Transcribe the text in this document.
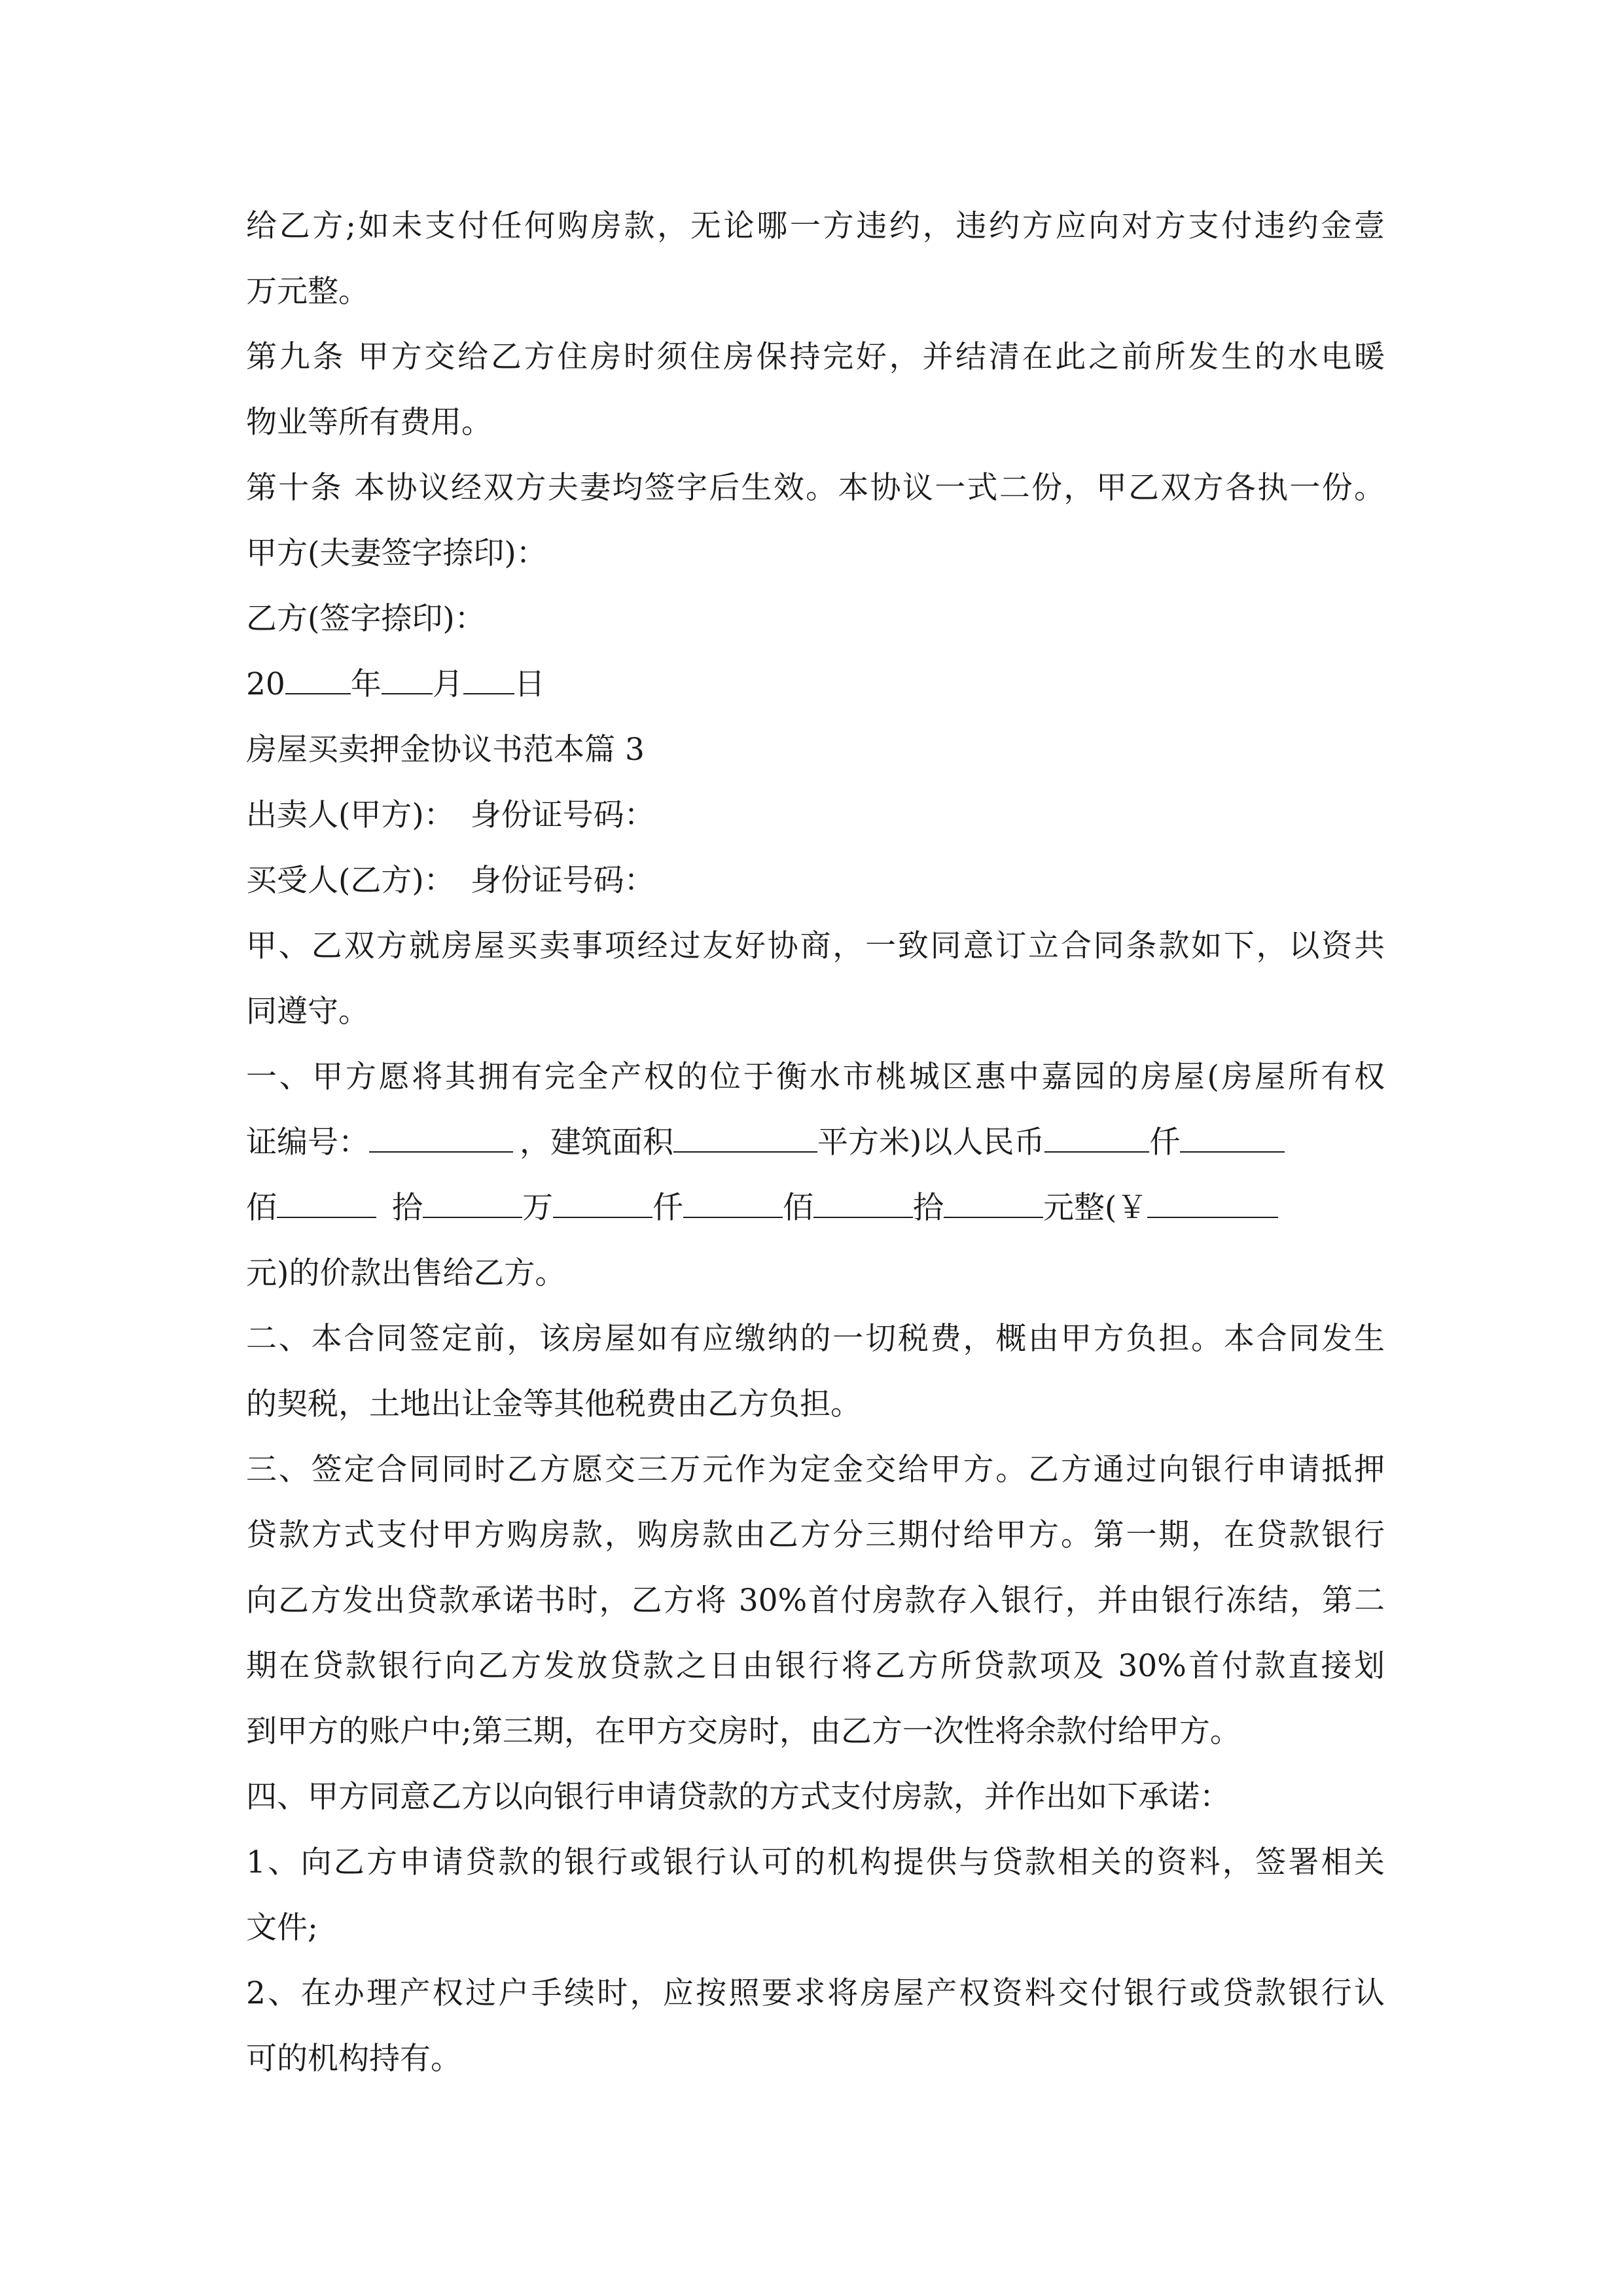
给乙方;如未支付任何购房款，无论哪一方违约，违约方应向对方支付违约金壹
万元整。
第九条 甲方交给乙方住房时须住房保持完好，并结清在此之前所发生的水电暖
物业等所有费用。
第十条 本协议经双方夫妻均签字后生效。本协议一式二份，甲乙双方各执一份。
甲方(夫妻签字捺印)：
乙方(签字捺印)：
20 年 月 日
房屋买卖押金协议书范本篇 3
出卖人(甲方)： 身份证号码：
买受人(乙方)： 身份证号码：
甲、乙双方就房屋买卖事项经过友好协商，一致同意订立合同条款如下，以资共
同遵守。
一、甲方愿将其拥有完全产权的位于衡水市桃城区惠中嘉园的房屋(房屋所有权
证编号：	，建筑面积	平方米)以人民币	仟
佰	拾	万	仟	佰	拾	元整(￥
元)的价款出售给乙方。
二、本合同签定前，该房屋如有应缴纳的一切税费，概由甲方负担。本合同发生
的契税，土地出让金等其他税费由乙方负担。
三、签定合同同时乙方愿交三万元作为定金交给甲方。乙方通过向银行申请抵押
贷款方式支付甲方购房款，购房款由乙方分三期付给甲方。第一期，在贷款银行
向乙方发出贷款承诺书时，乙方将 30%首付房款存入银行，并由银行冻结，第二
期在贷款银行向乙方发放贷款之日由银行将乙方所贷款项及 30%首付款直接划
到甲方的账户中;第三期，在甲方交房时，由乙方一次性将余款付给甲方。
四、甲方同意乙方以向银行申请贷款的方式支付房款，并作出如下承诺：
1、向乙方申请贷款的银行或银行认可的机构提供与贷款相关的资料，签署相关
文件;
2、在办理产权过户手续时，应按照要求将房屋产权资料交付银行或贷款银行认
可的机构持有。
